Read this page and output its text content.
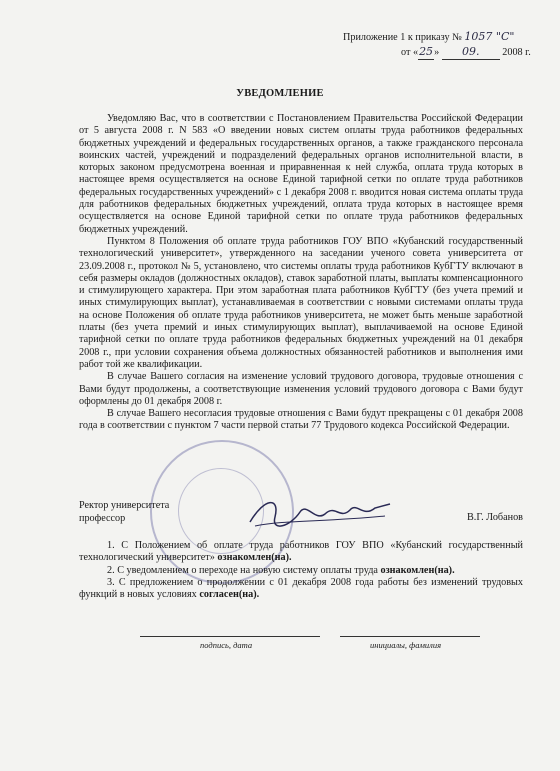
Приложение 1 к приказу № 1057 "С"
от «25» 09. 2008 г.
УВЕДОМЛЕНИЕ

Уведомляю Вас, что в соответствии с Постановлением Правительства Российской Федерации от 5 августа 2008 г. N 583 «О введении новых систем оплаты труда работников федеральных бюджетных учреждений и федеральных государственных органов, а также гражданского персонала воинских частей, учреждений и подразделений федеральных органов исполнительной власти, в которых законом предусмотрена военная и приравненная к ней служба, оплата труда которых в настоящее время осуществляется на основе Единой тарифной сетки по оплате труда работников федеральных государственных учреждений» с 1 декабря 2008 г. вводится новая система оплаты труда для работников федеральных бюджетных учреждений, оплата труда которых в настоящее время осуществляется на основе Единой тарифной сетки по оплате труда работников федеральных бюджетных учреждений.

Пунктом 8 Положения об оплате труда работников ГОУ ВПО «Кубанский государственный технологический университет», утвержденного на заседании ученого совета университета от 23.09.2008 г., протокол № 5, установлено, что системы оплаты труда работников КубГТУ включают в себя размеры окладов (должностных окладов), ставок заработной платы, выплаты компенсационного и стимулирующего характера. При этом заработная плата работников КубГТУ (без учета премий и иных стимулирующих выплат), устанавливаемая в соответствии с новыми системами оплаты труда на основе Положения об оплате труда работников университета, не может быть меньше заработной платы (без учета премий и иных стимулирующих выплат), выплачиваемой на основе Единой тарифной сетки по оплате труда работников федеральных бюджетных учреждений на 01 декабря 2008 г., при условии сохранения объема должностных обязанностей работников и выполнения ими работ той же квалификации.

В случае Вашего согласия на изменение условий трудового договора, трудовые отношения с Вами будут продолжены, а соответствующие изменения условий трудового договора с Вами будут оформлены до 01 декабря 2008 г.

В случае Вашего несогласия трудовые отношения с Вами будут прекращены с 01 декабря 2008 года в соответствии с пунктом 7 части первой статьи 77 Трудового кодекса Российской Федерации.

Ректор университета
профессор	В.Г. Лобанов

1. С Положением об оплате труда работников ГОУ ВПО «Кубанский государственный технологический университет» ознакомлен(на).

2. С уведомлением о переходе на новую систему оплаты труда ознакомлен(на).

3. С предложением о продолжении с 01 декабря 2008 года работы без изменений трудовых функций в новых условиях согласен(на).

подпись, дата	инициалы, фамилия
